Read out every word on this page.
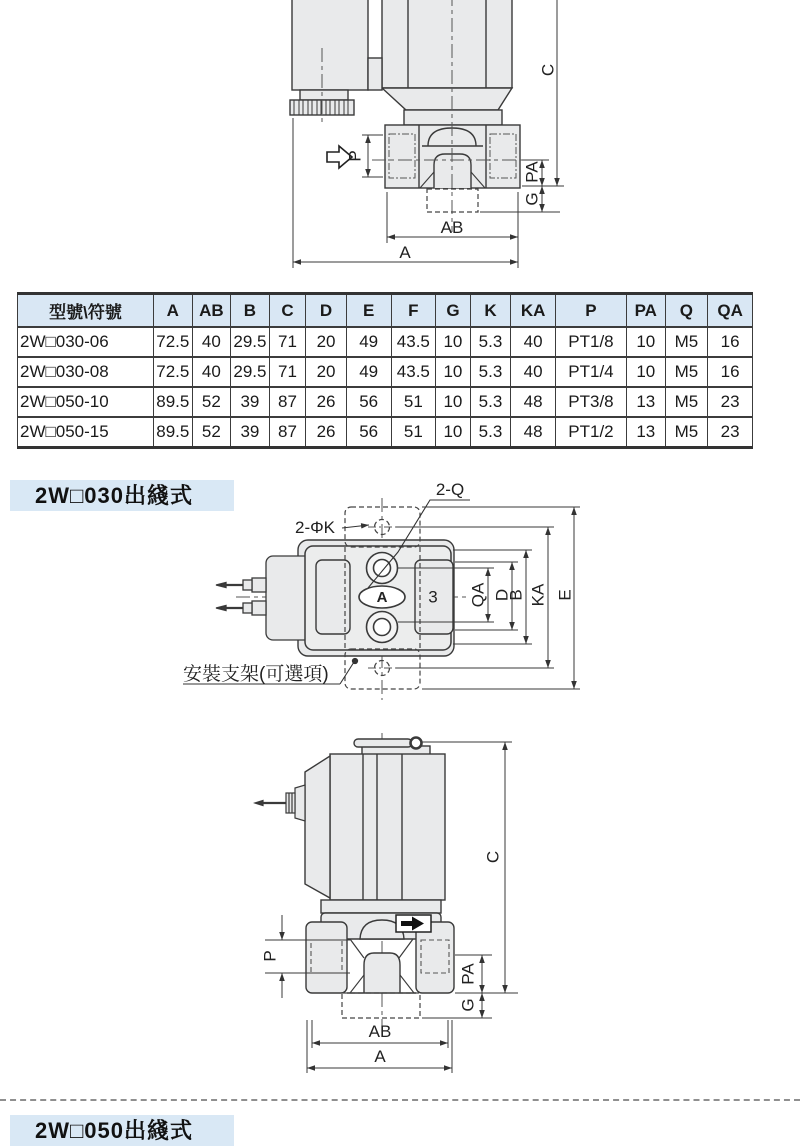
P
C
PA
G
AB
A
型號\符號	A	AB	B	C	D	E	F	G	K	KA	P	PA	Q	QA
2W□030-06	72.5	40	29.5	71	20	49	43.5	10	5.3	40	PT1/8	10	M5	16
2W□030-08	72.5	40	29.5	71	20	49	43.5	10	5.3	40	PT1/4	10	M5	16
2W□050-10	89.5	52	39	87	26	56	51	10	5.3	48	PT3/8	13	M5	23
2W□050-15	89.5	52	39	87	26	56	51	10	5.3	48	PT1/2	13	M5	23
2W□030出綫式
A 3
2-Q
2-ΦK
安裝支架(可選項)
QA D
B KA E
P
C
PA
G
AB
A
2W□050出綫式
